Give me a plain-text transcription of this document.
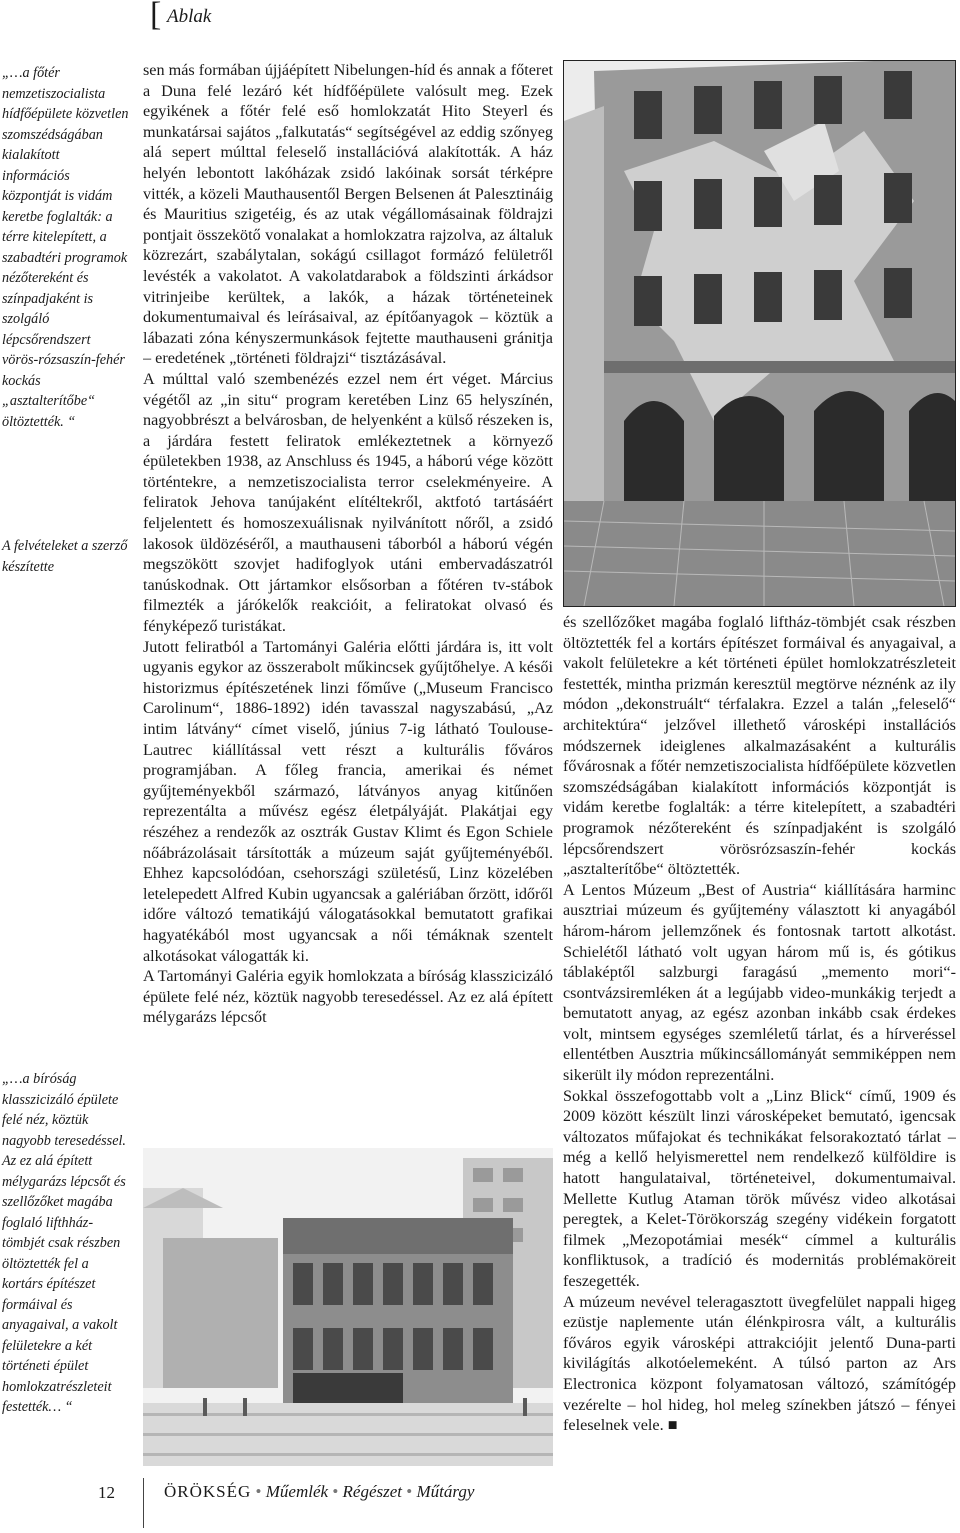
[ Ablak

„…a főtér nemzetiszocialista hídfőépülete közvetlen szomszédságában kialakított információs központját is vidám keretbe foglalták: a térre kitelepített, a szabadtéri programok nézőtereként és színpadjaként is szolgáló lépcsőrendszert vörös-rózsaszín-fehér kockás „asztalterítőbe“ öltöztették. “

A felvételeket a szerző készítette

„…a bíróság klasszicizáló épülete felé néz, köztük nagyobb teresedéssel. Az ez alá épített mélygarázs lépcsőt és szellőzőket magába foglaló lifthház-tömbjét csak részben öltöztették fel a kortárs építészet formáival és anyagaival, a vakolt felületekre a két történeti épület homlokzatrészleteit festették… “

sen más formában újjáépített Nibelungen-híd és annak a főteret a Duna felé lezáró két hídfőépülete valósult meg. Ezek egyikének a főtér felé eső homlokzatát Hito Steyerl és munkatársai sajátos „falkutatás“ segítségével az eddig szőnyeg alá sepert múlttal feleselő installációvá alakították. A ház helyén lebontott lakóházak zsidó lakóinak sorsát térképre vitték, a közeli Mauthausentől Bergen Belsenen át Palesztináig és Mauritius szigetéig, és az utak végállomásainak földrajzi pontjait összekötő vonalakat a homlokzatra rajzolva, az általuk közrezárt, szabálytalan, sokágú csillagot formázó felületről levésték a vakolatot. A vakolatdarabok a földszinti árkádsor vitrinjeibe kerültek, a lakók, a házak történeteinek dokumentumaival és leírásaival, az építőanyagok – köztük a lábazati zóna kényszermunkások fejtette mauthauseni gránitja – eredetének „történeti földrajzi“ tisztázásával.

A múlttal való szembenézés ezzel nem ért véget. Március végétől az „in situ“ program keretében Linz 65 helyszínén, nagyobbrészt a belvárosban, de helyenként a külső részeken is, a járdára festett feliratok emlékeztetnek a környező épületekben 1938, az Anschluss és 1945, a háború vége között történtekre, a nemzetiszocialista terror cselekményeire. A feliratok Jehova tanújaként elítéltekről, aktfotó tartásáért feljelentett és homoszexuálisnak nyilvánított nőről, a zsidó lakosok üldözéséről, a mauthauseni táborból a háború végén megszökött szovjet hadifoglyok utáni embervadászatról tanúskodnak. Ott jártamkor elsősorban a főtéren tv-stábok filmezték a járókelők reakcióit, a feliratokat olvasó és fényképező turistákat.

Jutott feliratból a Tartományi Galéria előtti járdára is, itt volt ugyanis egykor az összerabolt műkincsek gyűjtőhelye. A késői historizmus építészetének linzi főműve („Museum Francisco Carolinum“, 1886-1892) idén tavasszal nagyszabású, „Az intim látvány“ címet viselő, június 7-ig látható Toulouse-Lautrec kiállítással vett részt a kulturális főváros programjában. A főleg francia, amerikai és német gyűjteményekből származó, látványos anyag kitűnően reprezentálta a művész egész életpályáját. Plakátjai egy részéhez a rendezők az osztrák Gustav Klimt és Egon Schiele nőábrázolásait társították a múzeum saját gyűjteményéből. Ehhez kapcsolódóan, csehországi születésű, Linz közelében letelepedett Alfred Kubin ugyancsak a galériában őrzött, időről időre változó tematikájú válogatásokkal bemutatott grafikai hagyatékából most ugyancsak a női témáknak szentelt alkotásokat válogatták ki.

A Tartományi Galéria egyik homlokzata a bíróság klasszicizáló épülete felé néz, köztük nagyobb teresedéssel. Az ez alá épített mélygarázs lépcsőt

és szellőzőket magába foglaló liftház-tömbjét csak részben öltöztették fel a kortárs építészet formáival és anyagaival, a vakolt felületekre a két történeti épület homlokzatrészleteit festették, mintha prizmán keresztül megtörve néznénk az ily módon „dekonstruált“ térfalakra. Ezzel a talán „feleselő“ architektúra“ jelzővel illethető városképi installációs módszernek ideiglenes alkalmazásaként a kulturális fővárosnak a főtér nemzetiszocialista hídfőépülete közvetlen szomszédságában kialakított információs központját is vidám keretbe foglalták: a térre kitelepített, a szabadtéri programok nézőtereként és színpadjaként is szolgáló lépcsőrendszert vörösrózsaszín-fehér kockás „asztalterítőbe“ öltöztették.

A Lentos Múzeum „Best of Austria“ kiállítására harminc ausztriai múzeum és gyűjtemény választott ki anyagából három-három jellemzőnek és fontosnak tartott alkotást. Schielétől látható volt ugyan három mű is, és gótikus táblaképtől salzburgi faragású „memento mori“-csontvázsiremléken át a legújabb video-munkákig terjedt a bemutatott anyag, az egész azonban inkább csak érdekes volt, mintsem egységes szemléletű tárlat, és a hírveréssel ellentétben Ausztria műkincsállományát semmiképpen nem sikerült ily módon reprezentálni.

Sokkal összefogottabb volt a „Linz Blick“ című, 1909 és 2009 között készült linzi városképeket bemutató, igencsak változatos műfajokat és technikákat felsorakoztató tárlat – még a kellő helyismerettel nem rendelkező külföldire is hatott hangulataival, történeteivel, dokumentumaival. Mellette Kutlug Ataman török művész video alkotásai peregtek, a Kelet-Törökország szegény vidékein forgatott filmek „Mezopotámiai mesék“ címmel a kulturális konfliktusok, a tradíció és modernitás problémaköreit feszegették.

A múzeum nevével teleragasztott üvegfelület nappali higeg ezüstje naplemente után élénkpirosra vált, a kulturális főváros egyik városképi attrakciójit jelentő Duna-parti kivilágítás alkotóelemeként. A túlsó parton az Ars Electronica központ folyamatosan változó, számítógép vezérelte – hol hideg, hol meleg színekben játszó – fényei feleselnek vele. ■

12	ÖRÖKSÉG • Műemlék • Régészet • Műtárgy
